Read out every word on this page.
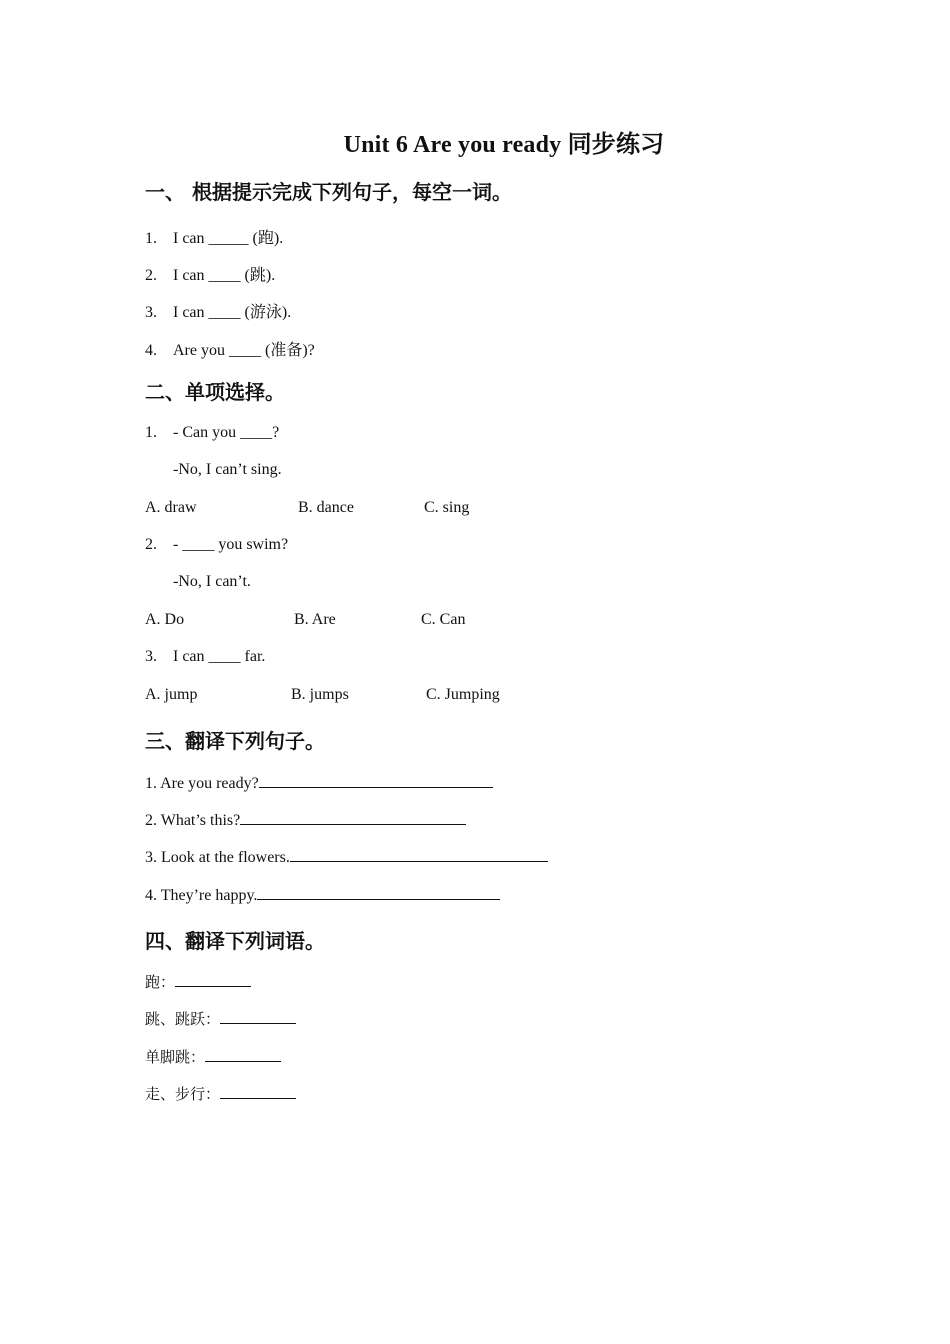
Unit 6 Are you ready 同步练习
一、 根据提示完成下列句子，每空一词。
1. I can _____ (跑).
2. I can ____ (跳).
3. I can ____ (游泳).
4. Are you ____ (准备)?
二、单项选择。
1. - Can you ____?
-No, I can’t sing.
A. draw	B. dance	C. sing
2. - ____ you swim?
-No, I can’t.
A. Do	B. Are	C. Can
3. I can ____ far.
A. jump	B. jumps	C. Jumping
三、翻译下列句子。
1. Are you ready?
2. What’s this?
3. Look at the flowers.
4. They’re happy.
四、翻译下列词语。
跑：
跳、跳跃：
单脚跳：
走、步行：
